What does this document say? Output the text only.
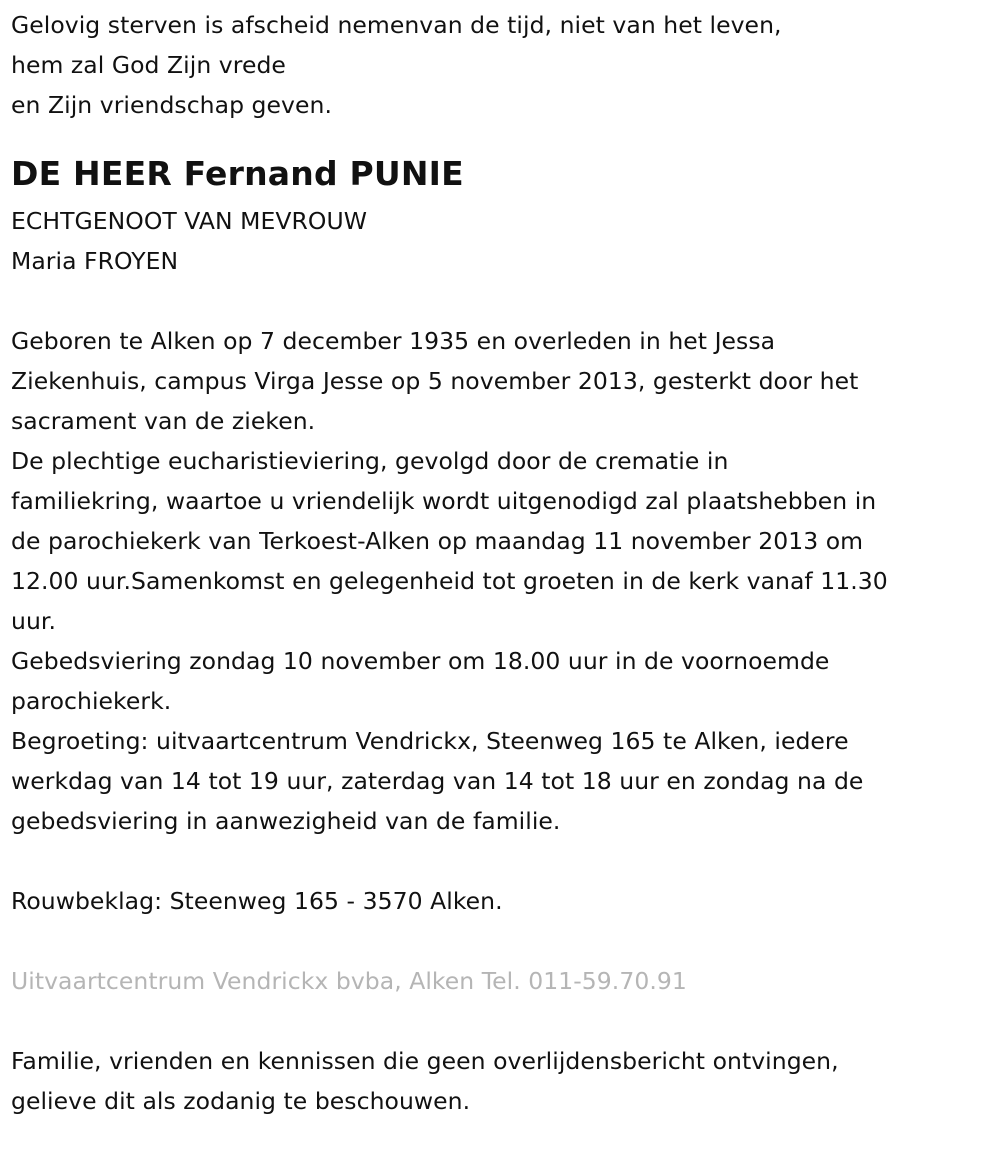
Gelovig sterven is afscheid nemenvan de tijd, niet van het leven,
hem zal God Zijn vrede
en Zijn vriendschap geven.
DE HEER Fernand PUNIE
ECHTGENOOT VAN MEVROUW
Maria FROYEN
Geboren te Alken op 7 december 1935 en overleden in het Jessa
Ziekenhuis, campus Virga Jesse op 5 november 2013, gesterkt door het
sacrament van de zieken.
De plechtige eucharistieviering, gevolgd door de crematie in
familiekring, waartoe u vriendelijk wordt uitgenodigd zal plaatshebben in
de parochiekerk van Terkoest-Alken op maandag 11 november 2013 om
12.00 uur.Samenkomst en gelegenheid tot groeten in de kerk vanaf 11.30
uur.
Gebedsviering zondag 10 november om 18.00 uur in de voornoemde
parochiekerk.
Begroeting: uitvaartcentrum Vendrickx, Steenweg 165 te Alken, iedere
werkdag van 14 tot 19 uur, zaterdag van 14 tot 18 uur en zondag na de
gebedsviering in aanwezigheid van de familie.
Rouwbeklag: Steenweg 165 - 3570 Alken.
Uitvaartcentrum Vendrickx bvba, Alken Tel. 011-59.70.91
Familie, vrienden en kennissen die geen overlijdensbericht ontvingen,
gelieve dit als zodanig te beschouwen.
